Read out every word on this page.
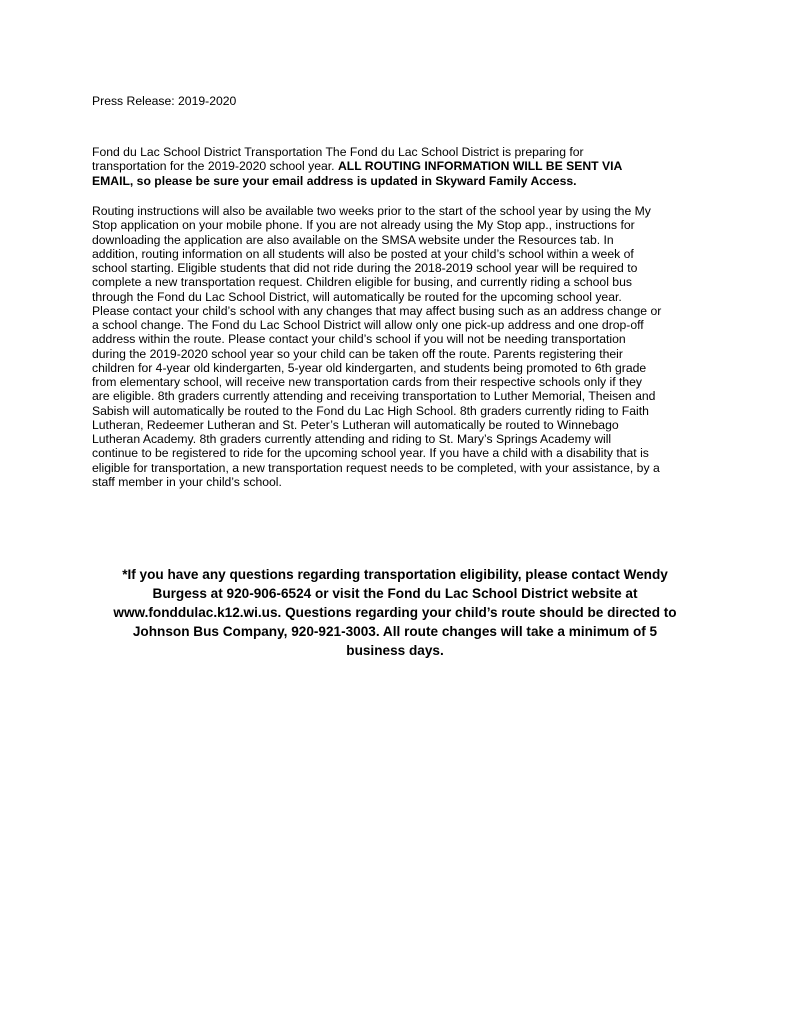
Press Release: 2019-2020

Fond du Lac School District Transportation The Fond du Lac School District is preparing for
transportation for the 2019-2020 school year. ALL ROUTING INFORMATION WILL BE SENT VIA
EMAIL, so please be sure your email address is updated in Skyward Family Access.

Routing instructions will also be available two weeks prior to the start of the school year by using the My
Stop application on your mobile phone. If you are not already using the My Stop app., instructions for
downloading the application are also available on the SMSA website under the Resources tab. In
addition, routing information on all students will also be posted at your child’s school within a week of
school starting. Eligible students that did not ride during the 2018-2019 school year will be required to
complete a new transportation request. Children eligible for busing, and currently riding a school bus
through the Fond du Lac School District, will automatically be routed for the upcoming school year.
Please contact your child’s school with any changes that may affect busing such as an address change or
a school change. The Fond du Lac School District will allow only one pick-up address and one drop-off
address within the route. Please contact your child’s school if you will not be needing transportation
during the 2019-2020 school year so your child can be taken off the route. Parents registering their
children for 4-year old kindergarten, 5-year old kindergarten, and students being promoted to 6th grade
from elementary school, will receive new transportation cards from their respective schools only if they
are eligible. 8th graders currently attending and receiving transportation to Luther Memorial, Theisen and
Sabish will automatically be routed to the Fond du Lac High School. 8th graders currently riding to Faith
Lutheran, Redeemer Lutheran and St. Peter’s Lutheran will automatically be routed to Winnebago
Lutheran Academy. 8th graders currently attending and riding to St. Mary’s Springs Academy will
continue to be registered to ride for the upcoming school year. If you have a child with a disability that is
eligible for transportation, a new transportation request needs to be completed, with your assistance, by a
staff member in your child’s school.

*If you have any questions regarding transportation eligibility, please contact Wendy
Burgess at 920-906-6524 or visit the Fond du Lac School District website at
www.fonddulac.k12.wi.us. Questions regarding your child’s route should be directed to
Johnson Bus Company, 920-921-3003. All route changes will take a minimum of 5
business days.
